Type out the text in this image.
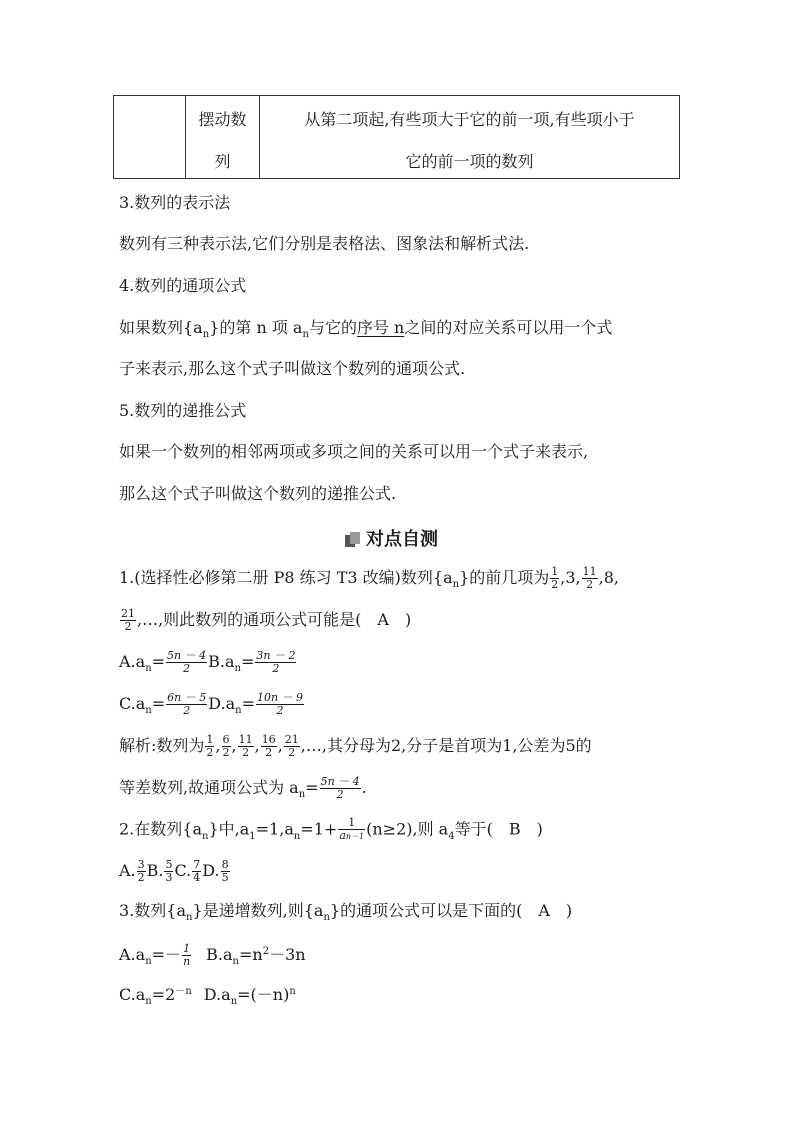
摆动数
列
从第二项起,有些项大于它的前一项,有些项小于
它的前一项的数列
3.数列的表示法
数列有三种表示法,它们分别是表格法、图象法和解析式法.
4.数列的通项公式
如果数列$\{a_n\}$的第 n 项 $a_n$与它的序号 n之间的对应关系可以用一个式
子来表示,那么这个式子叫做这个数列的通项公式.
5.数列的递推公式
如果一个数列的相邻两项或多项之间的关系可以用一个式子来表示,
那么这个式子叫做这个数列的递推公式.
对点自测
1.(选择性必修第二册 P8 练习 T3 改编)数列$\{a_n\}$的前几项为 $\frac{1}{2} ,3$, $\frac{11}{2} ,8$,
$\frac{21}{2}$ ,…,则此数列的通项公式可能是(　A　)
$A.a_n= \frac{5n - 4}{2} B.a_n= \frac{3n - 2}{2}$
$C.a_n= \frac{6n - 5}{2} D.a_n= \frac{10n - 9}{2}$
解析:数列为 $\frac{1}{2}$ , $\frac{6}{2}$ , $\frac{11}{2}$ , $\frac{16}{2}$ , $\frac{21}{2}$ ,…,其分母为2,分子是首项为1,公差为5的
等差数列,故通项公式为 $a_n= \frac{5n - 4}{2}$ .
2.在数列$\{a_n\}$中$,a_1=1,a_n=1+ \frac{1}{an-1} (n\ge 2)$,则 $a_4$等于(　B　)
A. $\frac{3}{2} B$. $\frac{5}{3} C$. $\frac{7}{4} D$. $\frac{8}{5}$
3.数列$\{a_n\}$是递增数列,则$\{a_n\}$的通项公式可以是下面的(　A　)
$A.a_n=- \frac{1}{n} B.a_n=n^2-3n$
$C.a_n=2^{-n}$ $D.a_n=(-n)^n$
